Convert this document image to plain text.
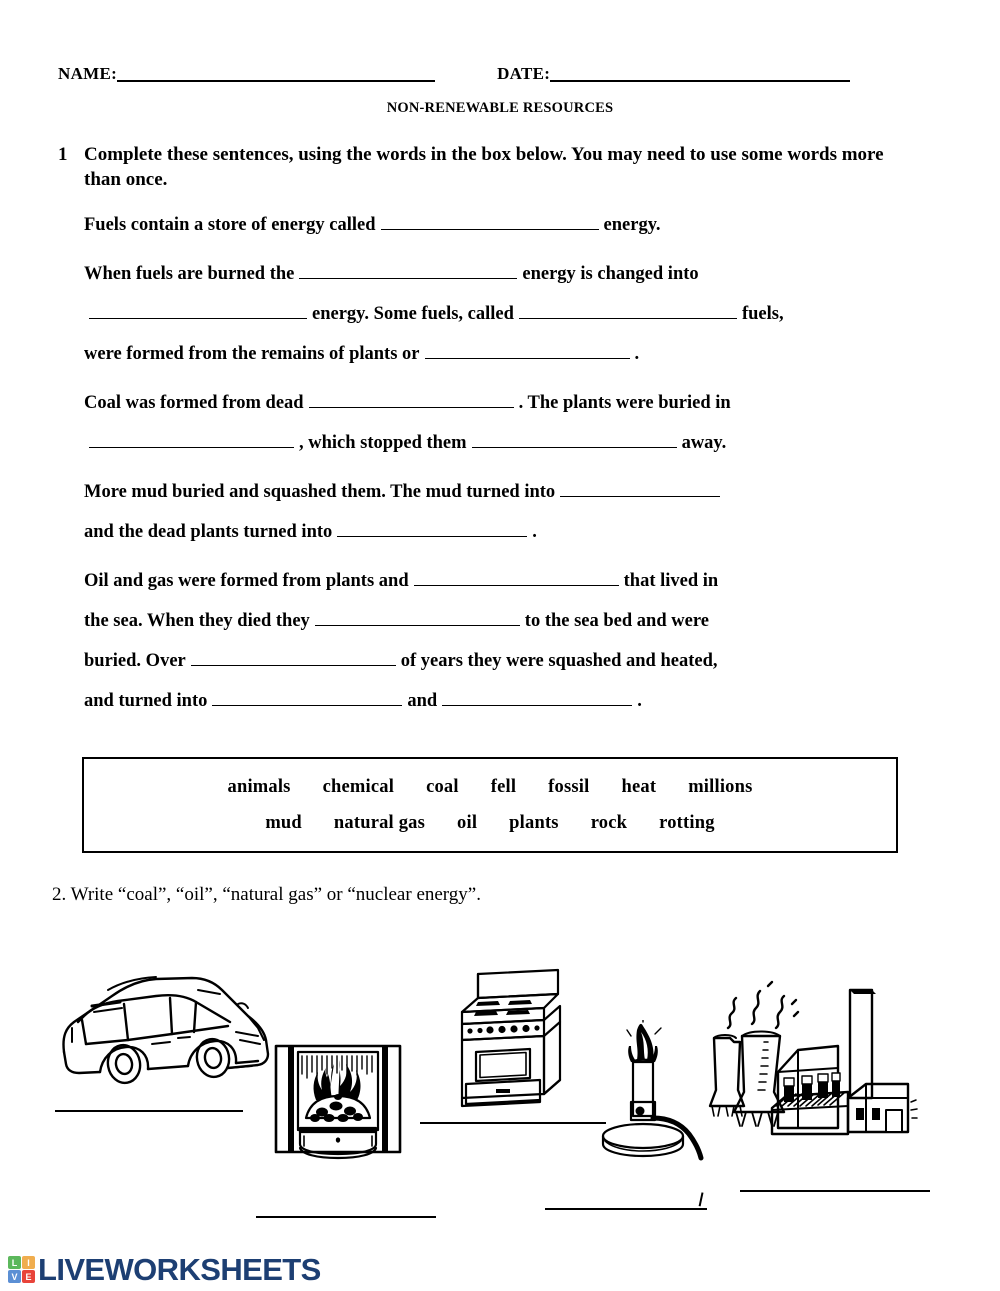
NAME:	DATE:
NON-RENEWABLE RESOURCES
1 Complete these sentences, using the words in the box below. You may need to use some words more than once.
Fuels contain a store of energy called	energy.
When fuels are burned the	energy is changed into
energy. Some fuels, called	fuels,
were formed from the remains of plants or	.
Coal was formed from dead	. The plants were buried in
, which stopped them	away.
More mud buried and squashed them. The mud turned into
and the dead plants turned into	.
Oil and gas were formed from plants and	that lived in
the sea. When they died they	to the sea bed and were
buried. Over	of years they were squashed and heated,
and turned into	and	.
animals	chemical	coal	fell	fossil	heat	millions
mud	natural gas	oil	plants	rock	rotting
2. Write “coal”, “oil”, “natural gas” or “nuclear energy”.
L	I
V E LIVEWORKSHEETS
